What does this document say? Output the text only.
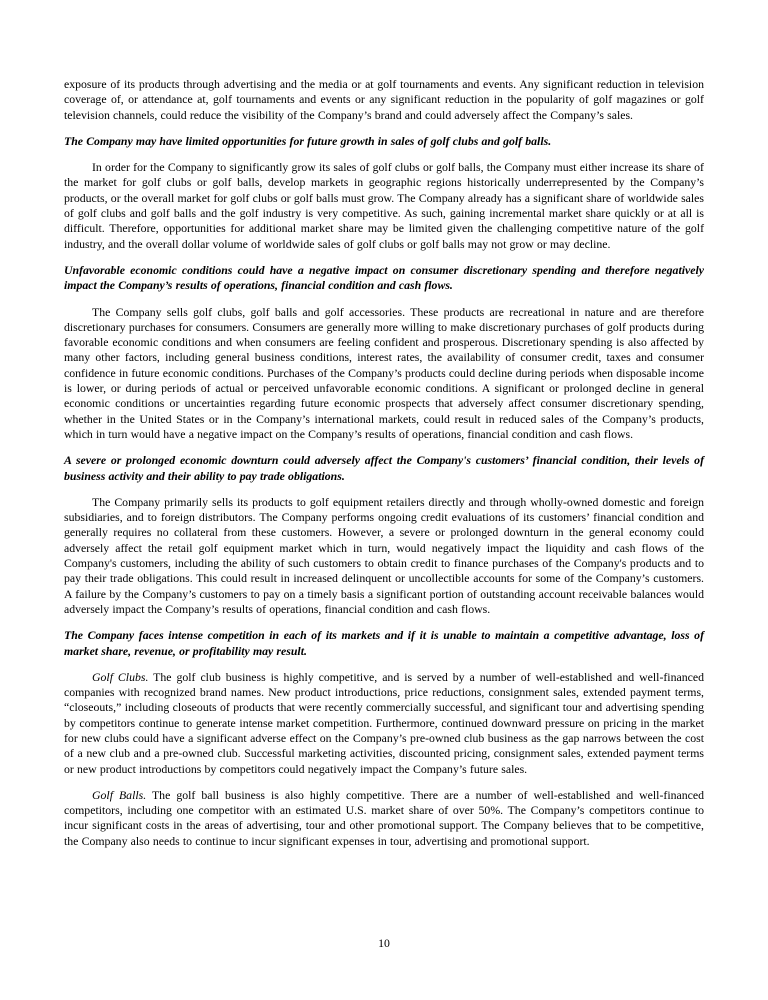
exposure of its products through advertising and the media or at golf tournaments and events. Any significant reduction in television coverage of, or attendance at, golf tournaments and events or any significant reduction in the popularity of golf magazines or golf television channels, could reduce the visibility of the Company’s brand and could adversely affect the Company’s sales.

The Company may have limited opportunities for future growth in sales of golf clubs and golf balls.

In order for the Company to significantly grow its sales of golf clubs or golf balls, the Company must either increase its share of the market for golf clubs or golf balls, develop markets in geographic regions historically underrepresented by the Company’s products, or the overall market for golf clubs or golf balls must grow. The Company already has a significant share of worldwide sales of golf clubs and golf balls and the golf industry is very competitive. As such, gaining incremental market share quickly or at all is difficult. Therefore, opportunities for additional market share may be limited given the challenging competitive nature of the golf industry, and the overall dollar volume of worldwide sales of golf clubs or golf balls may not grow or may decline.

Unfavorable economic conditions could have a negative impact on consumer discretionary spending and therefore negatively impact the Company’s results of operations, financial condition and cash flows.

The Company sells golf clubs, golf balls and golf accessories. These products are recreational in nature and are therefore discretionary purchases for consumers. Consumers are generally more willing to make discretionary purchases of golf products during favorable economic conditions and when consumers are feeling confident and prosperous. Discretionary spending is also affected by many other factors, including general business conditions, interest rates, the availability of consumer credit, taxes and consumer confidence in future economic conditions. Purchases of the Company’s products could decline during periods when disposable income is lower, or during periods of actual or perceived unfavorable economic conditions. A significant or prolonged decline in general economic conditions or uncertainties regarding future economic prospects that adversely affect consumer discretionary spending, whether in the United States or in the Company’s international markets, could result in reduced sales of the Company’s products, which in turn would have a negative impact on the Company’s results of operations, financial condition and cash flows.

A severe or prolonged economic downturn could adversely affect the Company's customers’ financial condition, their levels of business activity and their ability to pay trade obligations.

The Company primarily sells its products to golf equipment retailers directly and through wholly-owned domestic and foreign subsidiaries, and to foreign distributors. The Company performs ongoing credit evaluations of its customers’ financial condition and generally requires no collateral from these customers. However, a severe or prolonged downturn in the general economy could adversely affect the retail golf equipment market which in turn, would negatively impact the liquidity and cash flows of the Company's customers, including the ability of such customers to obtain credit to finance purchases of the Company's products and to pay their trade obligations. This could result in increased delinquent or uncollectible accounts for some of the Company’s customers. A failure by the Company’s customers to pay on a timely basis a significant portion of outstanding account receivable balances would adversely impact the Company’s results of operations, financial condition and cash flows.

The Company faces intense competition in each of its markets and if it is unable to maintain a competitive advantage, loss of market share, revenue, or profitability may result.

Golf Clubs. The golf club business is highly competitive, and is served by a number of well-established and well-financed companies with recognized brand names. New product introductions, price reductions, consignment sales, extended payment terms, “closeouts,” including closeouts of products that were recently commercially successful, and significant tour and advertising spending by competitors continue to generate intense market competition. Furthermore, continued downward pressure on pricing in the market for new clubs could have a significant adverse effect on the Company’s pre-owned club business as the gap narrows between the cost of a new club and a pre-owned club. Successful marketing activities, discounted pricing, consignment sales, extended payment terms or new product introductions by competitors could negatively impact the Company’s future sales.

Golf Balls. The golf ball business is also highly competitive. There are a number of well-established and well-financed competitors, including one competitor with an estimated U.S. market share of over 50%. The Company’s competitors continue to incur significant costs in the areas of advertising, tour and other promotional support. The Company believes that to be competitive, the Company also needs to continue to incur significant expenses in tour, advertising and promotional support.

10
